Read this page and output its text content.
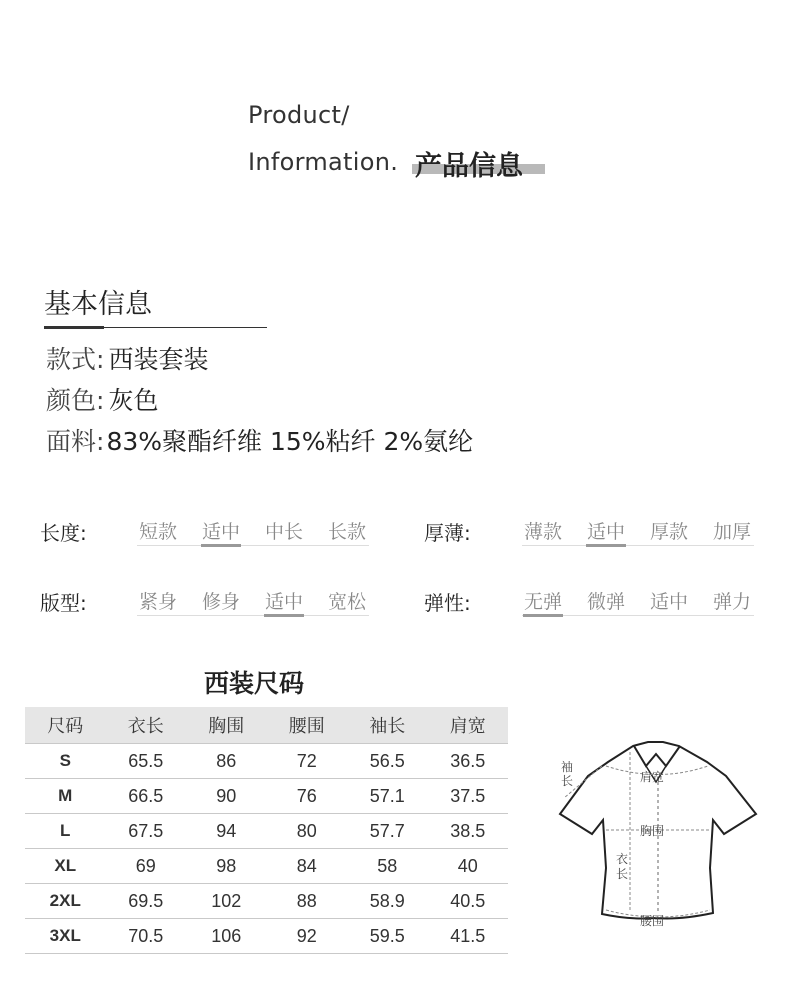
Product/
Information. 产品信息
基本信息
款式: 西装套装
颜色: 灰色
面料:83%聚酯纤维 15%粘纤 2%氨纶
长度:	短款	适中	中长	长款	厚薄:	薄款	适中	厚款	加厚
版型:	紧身	修身	适中	宽松	弹性:	无弹	微弹	适中	弹力
西装尺码
尺码	衣长	胸围	腰围	袖长	肩宽
S	65.5	86	72	56.5	36.5
M	66.5	90	76	57.1	37.5
L	67.5	94	80	57.7	38.5
XL	69	98	84	58	40
2XL	69.5	102	88	58.9	40.5
3XL	70.5	106	92	59.5	41.5
袖长	肩宽
胸围
衣长
腰围
